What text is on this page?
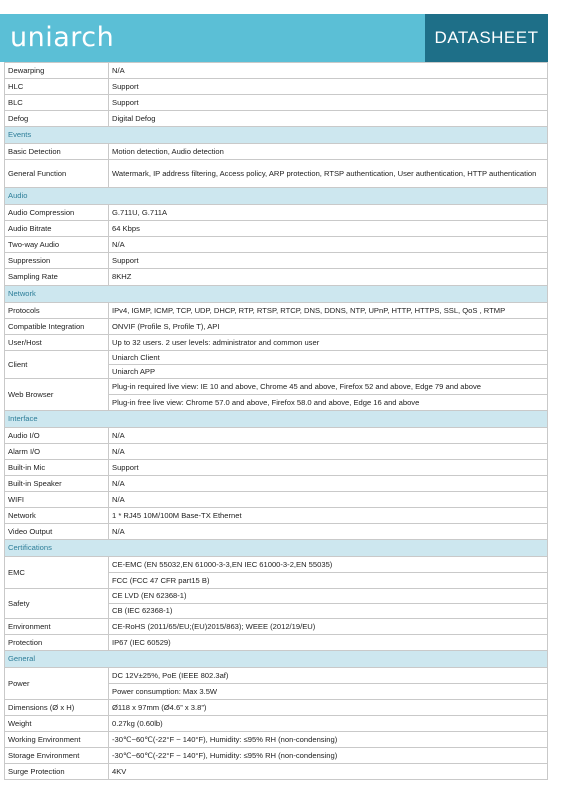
uniarch	DATASHEET
Dewarping	N/A

HLC	Support

BLC	Support

Defog	Digital Defog

Events	
Basic Detection	Motion detection, Audio detection

General Function	Watermark, IP address filtering, Access policy, ARP protection, RTSP authentication, User authentication, HTTP authentication

Audio	
Audio Compression	G.711U, G.711A

Audio Bitrate	64 Kbps

Two-way Audio	N/A

Suppression	Support

Sampling Rate	8KHZ

Network	
Protocols	IPv4, IGMP, ICMP, TCP, UDP, DHCP, RTP, RTSP, RTCP, DNS, DDNS, NTP, UPnP, HTTP, HTTPS, SSL, QoS , RTMP

Compatible Integration	ONVIF (Profile S, Profile T), API

User/Host	Up to 32 users. 2 user levels: administrator and common user

Client	Uniarch Client
Uniarch APP

Web Browser	Plug-in required live view: IE 10 and above, Chrome 45 and above, Firefox 52 and above, Edge 79 and above
Plug-in free live view: Chrome 57.0 and above, Firefox 58.0 and above, Edge 16 and above

Interface	
Audio I/O	N/A

Alarm I/O	N/A

Built-in Mic	Support

Built-in Speaker	N/A

WIFI	N/A

Network	1 * RJ45 10M/100M Base-TX Ethernet

Video Output	N/A

Certifications	
EMC	CE-EMC (EN 55032,EN 61000-3-3,EN IEC 61000-3-2,EN 55035)
FCC (FCC 47 CFR part15 B)

Safety	CE LVD (EN 62368-1)
CB (IEC 62368-1)

Environment	CE-RoHS (2011/65/EU;(EU)2015/863); WEEE (2012/19/EU)

Protection	IP67 (IEC 60529)

General	
Power	DC 12V±25%, PoE (IEEE 802.3af)
Power consumption: Max 3.5W

Dimensions (Ø x H)	Ø118 x 97mm (Ø4.6” x 3.8”)

Weight	0.27kg (0.60lb)

Working Environment	-30℃~60℃(-22°F ~ 140°F), Humidity: ≤95% RH (non-condensing)

Storage Environment	-30℃~60℃(-22°F ~ 140°F), Humidity: ≤95% RH (non-condensing)

Surge Protection	4KV
